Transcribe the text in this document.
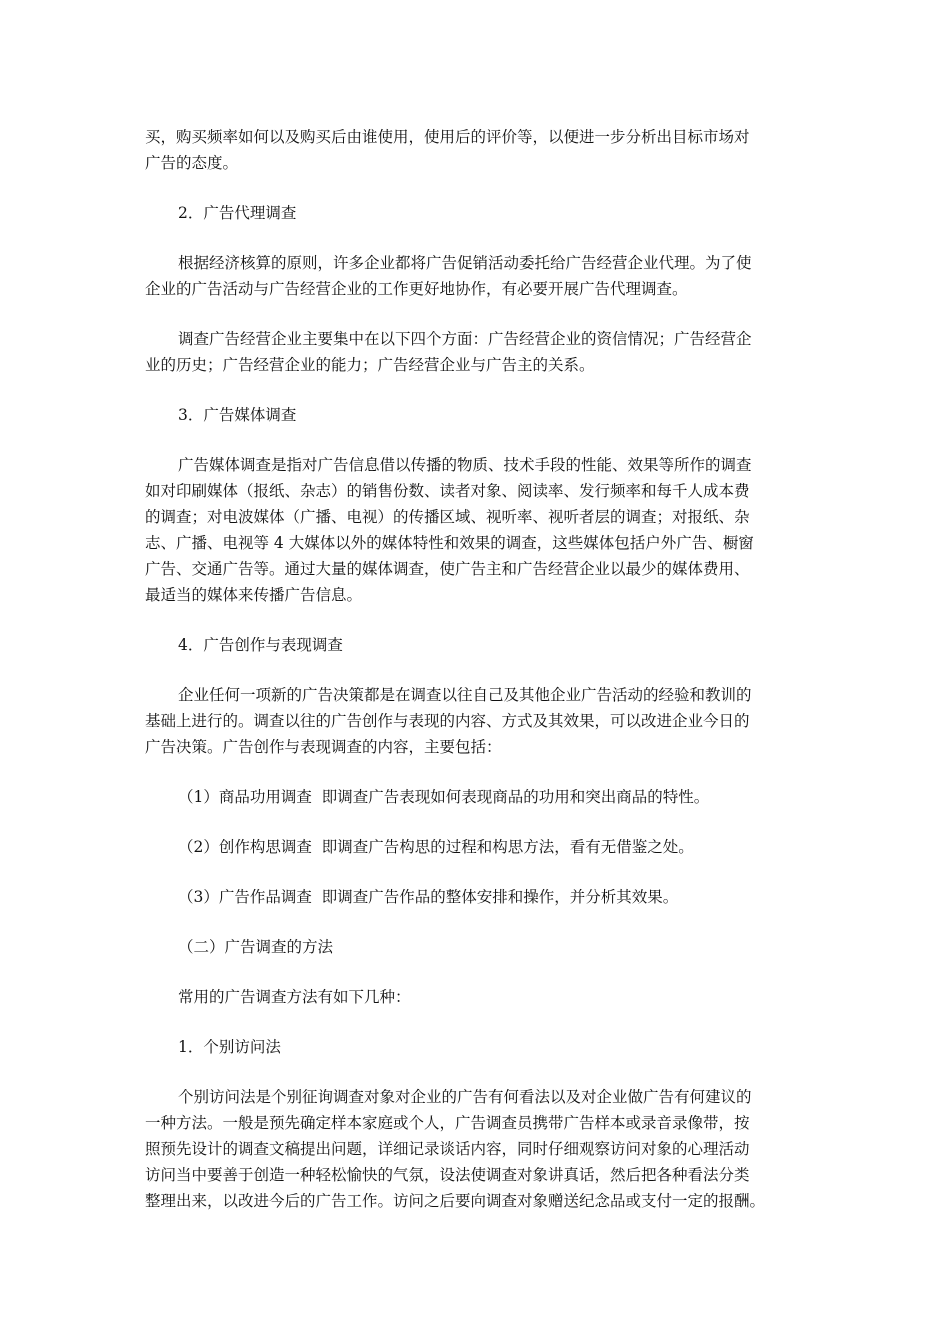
买，购买频率如何以及购买后由谁使用，使用后的评价等，以便进一步分析出目标市场对
广告的态度。

2．广告代理调查

根据经济核算的原则，许多企业都将广告促销活动委托给广告经营企业代理。为了使
企业的广告活动与广告经营企业的工作更好地协作，有必要开展广告代理调查。

调查广告经营企业主要集中在以下四个方面：广告经营企业的资信情况；广告经营企
业的历史；广告经营企业的能力；广告经营企业与广告主的关系。

3．广告媒体调查

广告媒体调查是指对广告信息借以传播的物质、技术手段的性能、效果等所作的调查
如对印刷媒体（报纸、杂志）的销售份数、读者对象、阅读率、发行频率和每千人成本费
的调查；对电波媒体（广播、电视）的传播区域、视听率、视听者层的调查；对报纸、杂
志、广播、电视等 4 大媒体以外的媒体特性和效果的调查，这些媒体包括户外广告、橱窗
广告、交通广告等。通过大量的媒体调查，使广告主和广告经营企业以最少的媒体费用、
最适当的媒体来传播广告信息。

4．广告创作与表现调查

企业任何一项新的广告决策都是在调查以往自己及其他企业广告活动的经验和教训的
基础上进行的。调查以往的广告创作与表现的内容、方式及其效果，可以改进企业今日的
广告决策。广告创作与表现调查的内容，主要包括：

（1）商品功用调查  即调查广告表现如何表现商品的功用和突出商品的特性。
（2）创作构思调查  即调查广告构思的过程和构思方法，看有无借鉴之处。
（3）广告作品调查  即调查广告作品的整体安排和操作，并分析其效果。
（二）广告调查的方法
常用的广告调查方法有如下几种：
1．个别访问法

个别访问法是个别征询调查对象对企业的广告有何看法以及对企业做广告有何建议的
一种方法。一般是预先确定样本家庭或个人，广告调查员携带广告样本或录音录像带，按
照预先设计的调查文稿提出问题，详细记录谈话内容，同时仔细观察访问对象的心理活动
访问当中要善于创造一种轻松愉快的气氛，设法使调查对象讲真话，然后把各种看法分类
整理出来，以改进今后的广告工作。访问之后要向调查对象赠送纪念品或支付一定的报酬。
